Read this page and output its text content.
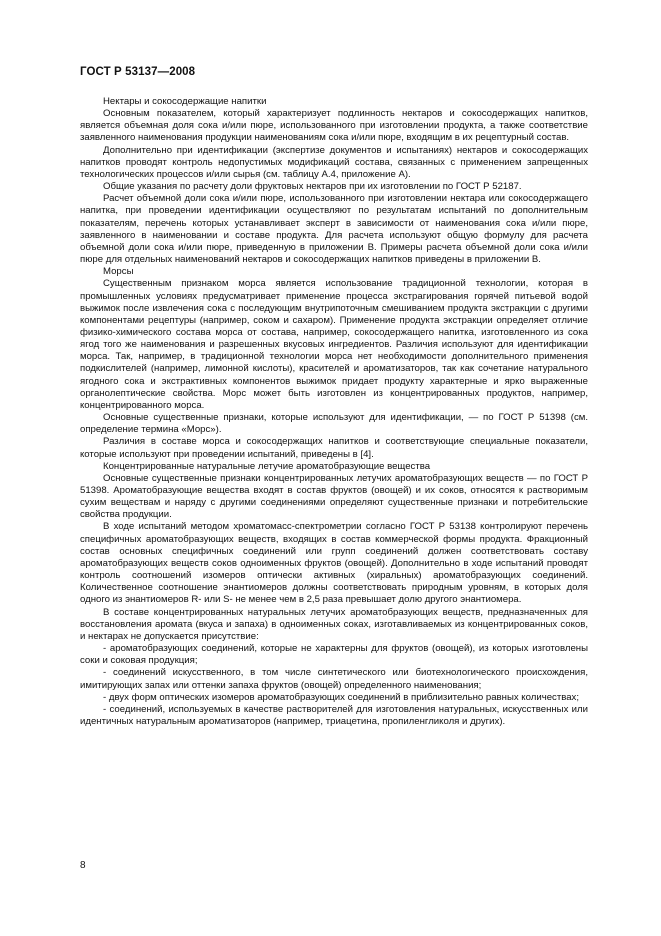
ГОСТ Р 53137—2008

Нектары и сокосодержащие напитки

Основным показателем, который характеризует подлинность нектаров и сокосодержащих напитков, является объемная доля сока и/или пюре, использованного при изготовлении продукта, а также соответствие заявленного наименования продукции наименованиям сока и/или пюре, входящим в их рецептурный состав.

Дополнительно при идентификации (экспертизе документов и испытаниях) нектаров и сокосодержащих напитков проводят контроль недопустимых модификаций состава, связанных с применением запрещенных технологических процессов и/или сырья (см. таблицу А.4, приложение А).

Общие указания по расчету доли фруктовых нектаров при их изготовлении по ГОСТ Р 52187.

Расчет объемной доли сока и/или пюре, использованного при изготовлении нектара или сокосодержащего напитка, при проведении идентификации осуществляют по результатам испытаний по дополнительным показателям, перечень которых устанавливает эксперт в зависимости от наименования сока и/или пюре, заявленного в наименовании и составе продукта. Для расчета используют общую формулу для расчета объемной доли сока и/или пюре, приведенную в приложении В. Примеры расчета объемной доли сока и/или пюре для отдельных наименований нектаров и сокосодержащих напитков приведены в приложении В.

Морсы

Существенным признаком морса является использование традиционной технологии, которая в промышленных условиях предусматривает применение процесса экстрагирования горячей питьевой водой выжимок после извлечения сока с последующим внутрипоточным смешиванием продукта экстракции с другими компонентами рецептуры (например, соком и сахаром). Применение продукта экстракции определяет отличие физико-химического состава морса от состава, например, сокосодержащего напитка, изготовленного из сока ягод того же наименования и разрешенных вкусовых ингредиентов. Различия используют для идентификации морса. Так, например, в традиционной технологии морса нет необходимости дополнительного применения подкислителей (например, лимонной кислоты), красителей и ароматизаторов, так как сочетание натурального ягодного сока и экстрактивных компонентов выжимок придает продукту характерные и ярко выраженные органолептические свойства. Морс может быть изготовлен из концентрированных продуктов, например, концентрированного морса.

Основные существенные признаки, которые используют для идентификации, — по ГОСТ Р 51398 (см. определение термина «Морс»).

Различия в составе морса и сокосодержащих напитков и соответствующие специальные показатели, которые используют при проведении испытаний, приведены в [4].

Концентрированные натуральные летучие ароматобразующие вещества

Основные существенные признаки концентрированных летучих ароматобразующих веществ — по ГОСТ Р 51398. Ароматобразующие вещества входят в состав фруктов (овощей) и их соков, относятся к растворимым сухим веществам и наряду с другими соединениями определяют существенные признаки и потребительские свойства продукции.

В ходе испытаний методом хроматомасс-спектрометрии согласно ГОСТ Р 53138 контролируют перечень специфичных ароматобразующих веществ, входящих в состав коммерческой формы продукта. Фракционный состав основных специфичных соединений или групп соединений должен соответствовать составу ароматобразующих веществ соков одноименных фруктов (овощей). Дополнительно в ходе испытаний проводят контроль соотношений изомеров оптически активных (хиральных) ароматобразующих соединений. Количественное соотношение энантиомеров должны соответствовать природным уровням, в которых доля одного из энантиомеров R- или S- не менее чем в 2,5 раза превышает долю другого энантиомера.

В составе концентрированных натуральных летучих ароматобразующих веществ, предназначенных для восстановления аромата (вкуса и запаха) в одноименных соках, изготавливаемых из концентрированных соков, и нектарах не допускается присутствие:

- ароматобразующих соединений, которые не характерны для фруктов (овощей), из которых изготовлены соки и соковая продукция;

- соединений искусственного, в том числе синтетического или биотехнологического происхождения, имитирующих запах или оттенки запаха фруктов (овощей) определенного наименования;

- двух форм оптических изомеров ароматобразующих соединений в приблизительно равных количествах;

- соединений, используемых в качестве растворителей для изготовления натуральных, искусственных или идентичных натуральным ароматизаторов (например, триацетина, пропиленгликоля и других).

8
